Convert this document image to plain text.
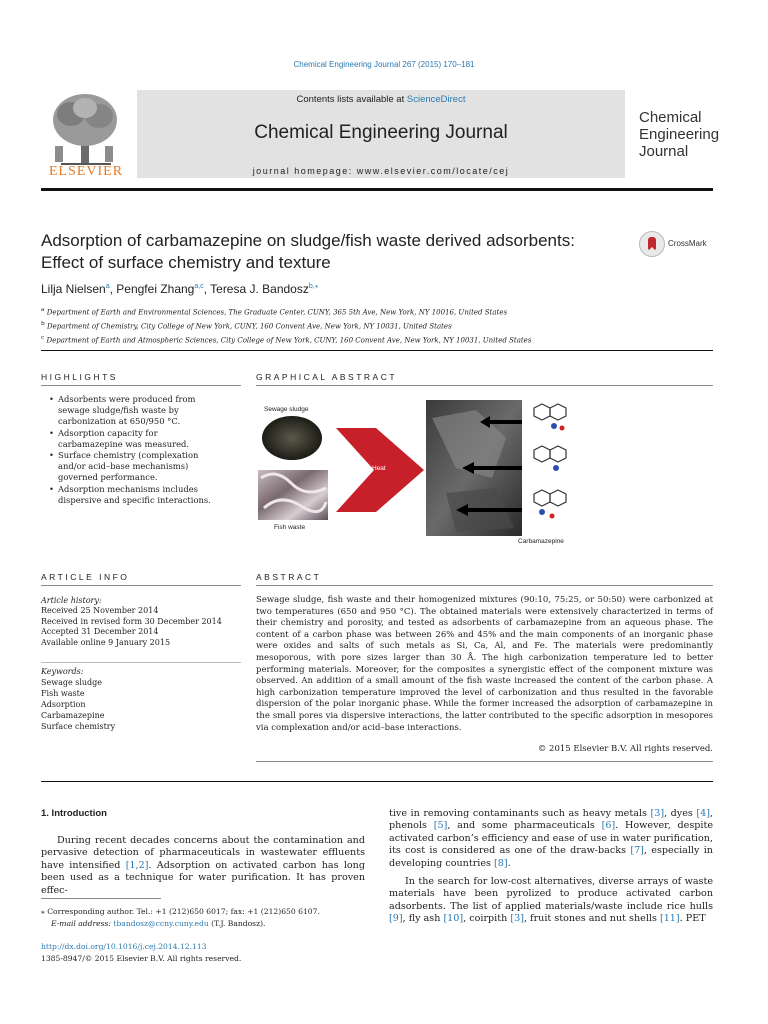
Chemical Engineering Journal 267 (2015) 170–181
ELSEVIER
Contents lists available at ScienceDirect
Chemical Engineering Journal
journal homepage: www.elsevier.com/locate/cej
Chemical
Engineering
Journal
Adsorption of carbamazepine on sludge/fish waste derived adsorbents:
Effect of surface chemistry and texture
CrossMark
Lilja Nielsen$^a$, Pengfei Zhang$^{a,c}$, Teresa J. Bandosz$^{b,⁎}$
$^a$ Department of Earth and Environmental Sciences, The Graduate Center, CUNY, 365 5th Ave, New York, NY 10016, United States
$^b$ Department of Chemistry, City College of New York, CUNY, 160 Convent Ave, New York, NY 10031, United States
$^c$ Department of Earth and Atmospheric Sciences, City College of New York, CUNY, 160 Convent Ave, New York, NY 10031, United States
HIGHLIGHTS
• Adsorbents were produced from sewage sludge/fish waste by carbonization at 650/950 °C.
• Adsorption capacity for carbamazepine was measured.
• Surface chemistry (complexation and/or acid–base mechanisms) governed performance.
• Adsorption mechanisms includes dispersive and specific interactions.
GRAPHICAL ABSTRACT
Sewage sludge
Fish waste
Heat
Carbamazepine
ARTICLE INFO
Article history:
Received 25 November 2014
Received in revised form 30 December 2014
Accepted 31 December 2014
Available online 9 January 2015
Keywords:
Sewage sludge
Fish waste
Adsorption
Carbamazepine
Surface chemistry
ABSTRACT
Sewage sludge, fish waste and their homogenized mixtures (90:10, 75:25, or 50:50) were carbonized at two temperatures (650 and 950 °C). The obtained materials were extensively characterized in terms of their chemistry and porosity, and tested as adsorbents of carbamazepine from an aqueous phase. The content of a carbon phase was between 26% and 45% and the main components of an inorganic phase were oxides and salts of such metals as Si, Ca, Al, and Fe. The materials were predominantly mesoporous, with pore sizes larger than 30 Å. The high carbonization temperature led to better performing materials. Moreover, for the composites a synergistic effect of the component mixture was observed. An addition of a small amount of the fish waste increased the content of the carbon phase. A high carbonization temperature improved the level of carbonization and thus resulted in the favorable dispersion of the polar inorganic phase. While the former increased the adsorption of carbamazepine in the small pores via dispersive interactions, the latter contributed to the specific adsorption in mesopores via complexation and/or acid–base interactions.
© 2015 Elsevier B.V. All rights reserved.
1. Introduction
During recent decades concerns about the contamination and pervasive detection of pharmaceuticals in wastewater effluents have intensified [1,2]. Adsorption on activated carbon has long been used as a technique for water purification. It has proven effec-
⁎ Corresponding author. Tel.: +1 (212)650 6017; fax: +1 (212)650 6107.
E-mail address: tbandosz@ccny.cuny.edu (T.J. Bandosz).
http://dx.doi.org/10.1016/j.cej.2014.12.113
1385-8947/© 2015 Elsevier B.V. All rights reserved.
tive in removing contaminants such as heavy metals [3], dyes [4], phenols [5], and some pharmaceuticals [6]. However, despite activated carbon’s efficiency and ease of use in water purification, its cost is considered as one of the draw-backs [7], especially in developing countries [8].
In the search for low-cost alternatives, diverse arrays of waste materials have been pyrolized to produce activated carbon adsorbents. The list of applied materials/waste include rice hulls [9], fly ash [10], coirpith [3], fruit stones and nut shells [11]. PET
